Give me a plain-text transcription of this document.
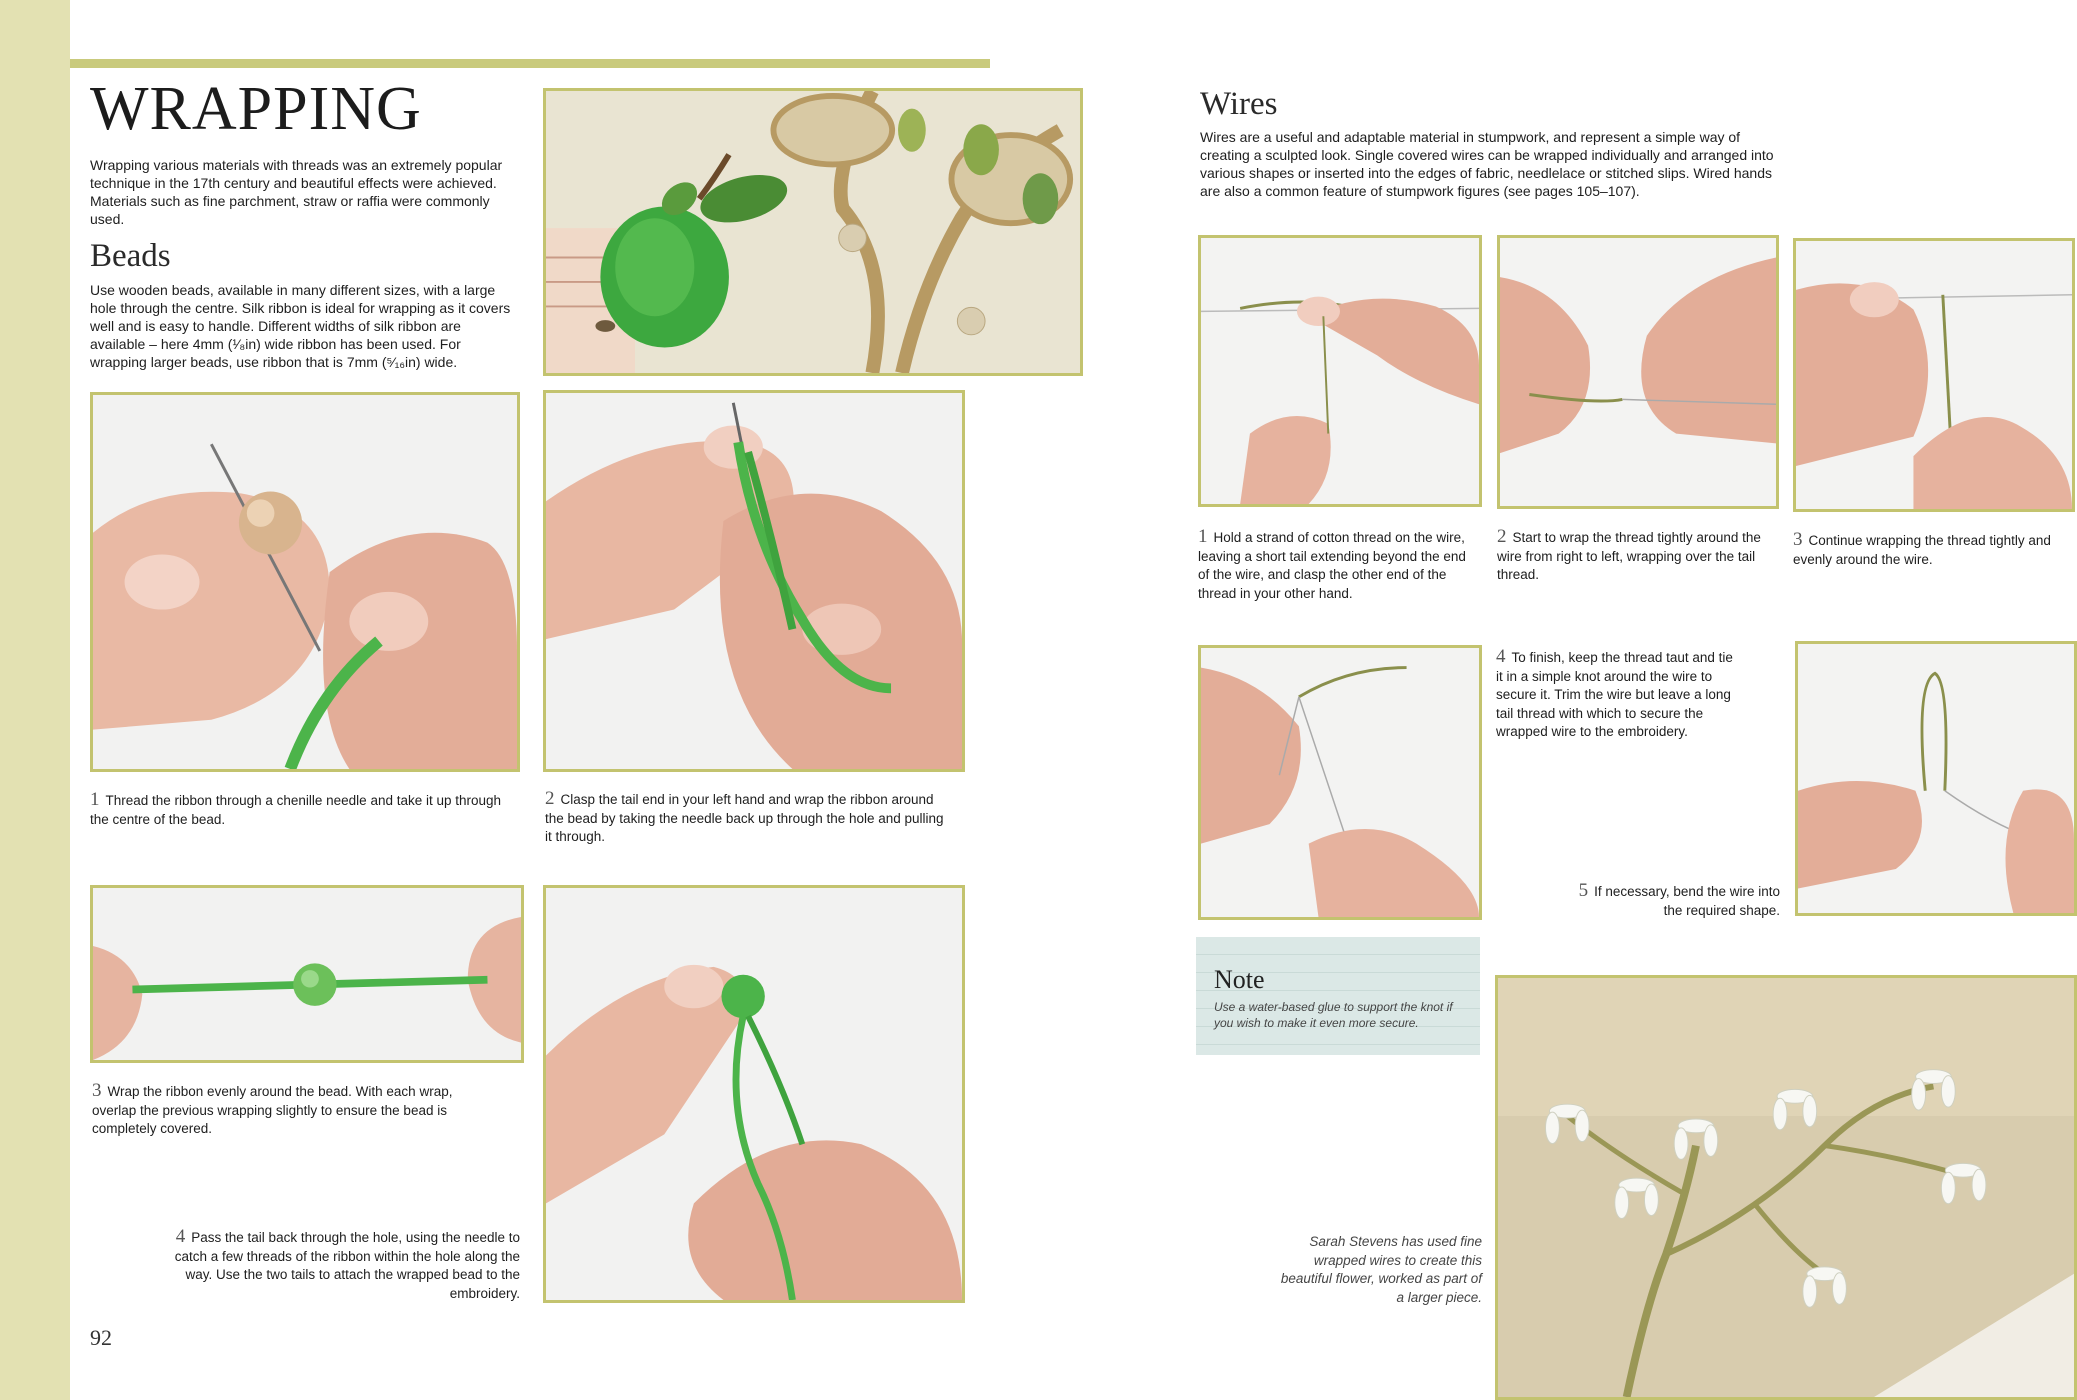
WRAPPING
Wrapping various materials with threads was an extremely popular technique in the 17th century and beautiful effects were achieved. Materials such as fine parchment, straw or raffia were commonly used.
Beads
Use wooden beads, available in many different sizes, with a large hole through the centre. Silk ribbon is ideal for wrapping as it covers well and is easy to handle. Different widths of silk ribbon are available – here 4mm (¹⁄₈in) wide ribbon has been used. For wrapping larger beads, use ribbon that is 7mm (⁵⁄₁₆in) wide.
1 Thread the ribbon through a chenille needle and take it up through the centre of the bead.
2 Clasp the tail end in your left hand and wrap the ribbon around the bead by taking the needle back up through the hole and pulling it through.
3 Wrap the ribbon evenly around the bead. With each wrap, overlap the previous wrapping slightly to ensure the bead is completely covered.
4 Pass the tail back through the hole, using the needle to catch a few threads of the ribbon within the hole along the way. Use the two tails to attach the wrapped bead to the embroidery.
92
Wires
Wires are a useful and adaptable material in stumpwork, and represent a simple way of creating a sculpted look. Single covered wires can be wrapped individually and arranged into various shapes or inserted into the edges of fabric, needlelace or stitched slips. Wired hands are also a common feature of stumpwork figures (see pages 105–107).
1 Hold a strand of cotton thread on the wire, leaving a short tail extending beyond the end of the wire, and clasp the other end of the thread in your other hand.
2 Start to wrap the thread tightly around the wire from right to left, wrapping over the tail thread.
3 Continue wrapping the thread tightly and evenly around the wire.
4 To finish, keep the thread taut and tie it in a simple knot around the wire to secure it. Trim the wire but leave a long tail thread with which to secure the wrapped wire to the embroidery.
5 If necessary, bend the wire into the required shape.
Note
Use a water-based glue to support the knot if you wish to make it even more secure.
Sarah Stevens has used fine wrapped wires to create this beautiful flower, worked as part of a larger piece.
